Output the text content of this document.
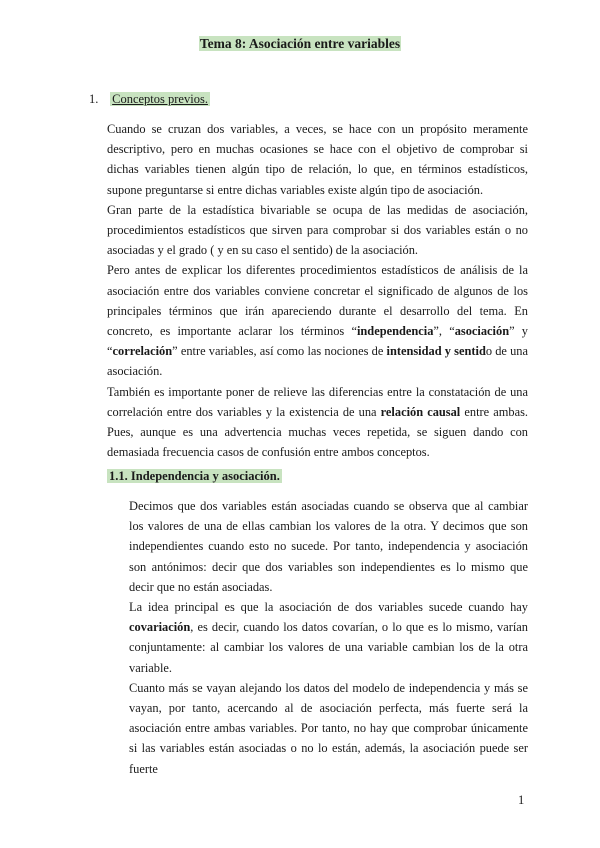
Tema 8: Asociación entre variables
1. Conceptos previos.

Cuando se cruzan dos variables, a veces, se hace con un propósito meramente descriptivo, pero en muchas ocasiones se hace con el objetivo de comprobar si dichas variables tienen algún tipo de relación, lo que, en términos estadísticos, supone preguntarse si entre dichas variables existe algún tipo de asociación.

Gran parte de la estadística bivariable se ocupa de las medidas de asociación, procedimientos estadísticos que sirven para comprobar si dos variables están o no asociadas y el grado ( y en su caso el sentido) de la asociación.

Pero antes de explicar los diferentes procedimientos estadísticos de análisis de la asociación entre dos variables conviene concretar el significado de algunos de los principales términos que irán apareciendo durante el desarrollo del tema. En concreto, es importante aclarar los términos “independencia”, “asociación” y “correlación” entre variables, así como las nociones de intensidad y sentido de una asociación.

También es importante poner de relieve las diferencias entre la constatación de una correlación entre dos variables y la existencia de una relación causal entre ambas. Pues, aunque es una advertencia muchas veces repetida, se siguen dando con demasiada frecuencia casos de confusión entre ambos conceptos.

1.1. Independencia y asociación.

Decimos que dos variables están asociadas cuando se observa que al cambiar los valores de una de ellas cambian los valores de la otra. Y decimos que son independientes cuando esto no sucede. Por tanto, independencia y asociación son antónimos: decir que dos variables son independientes es lo mismo que decir que no están asociadas.

La idea principal es que la asociación de dos variables sucede cuando hay covariación, es decir, cuando los datos covarían, o lo que es lo mismo, varían conjuntamente: al cambiar los valores de una variable cambian los de la otra variable.

Cuanto más se vayan alejando los datos del modelo de independencia y más se vayan, por tanto, acercando al de asociación perfecta, más fuerte será la asociación entre ambas variables. Por tanto, no hay que comprobar únicamente si las variables están asociadas o no lo están, además, la asociación puede ser fuerte

1
